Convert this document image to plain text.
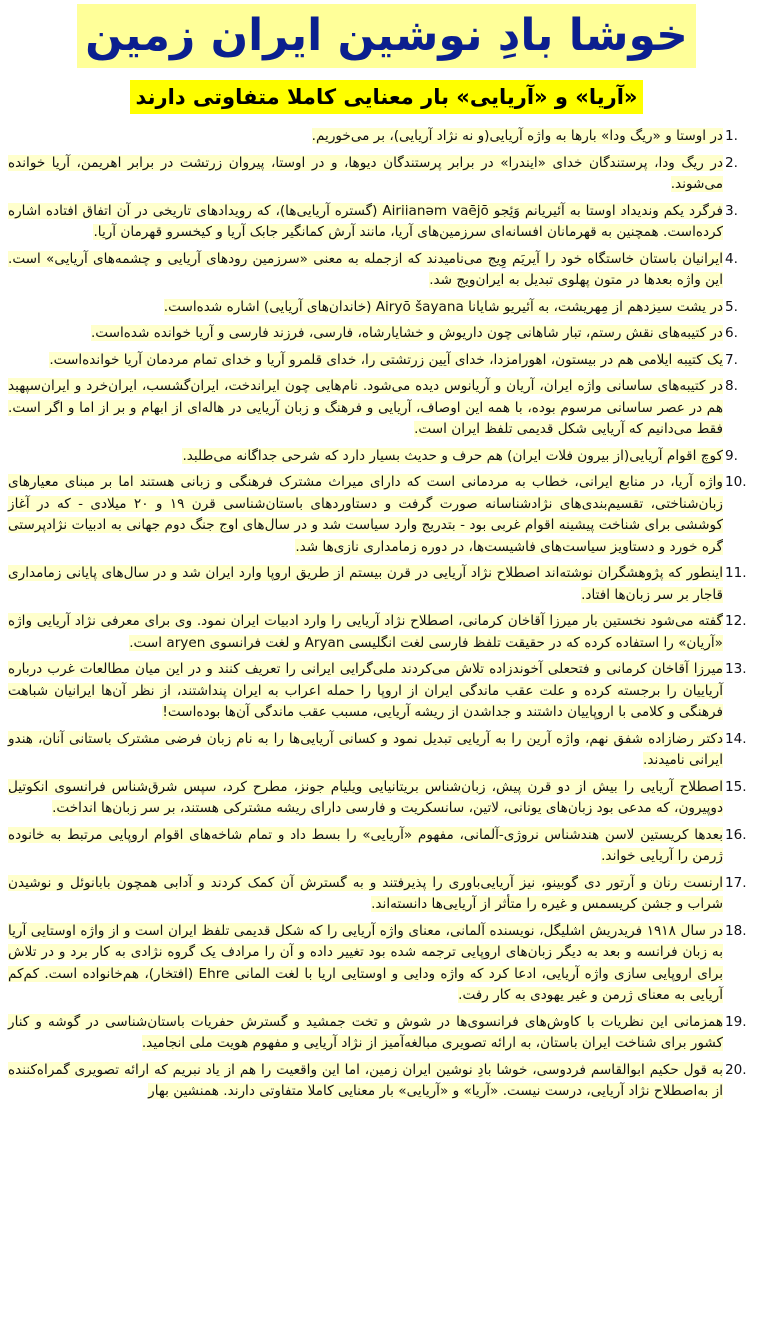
خوشا بادِ نوشین ایران زمین
«آریا» و «آریایی» بار معنایی کاملا متفاوتی دارند
1.
در اوستا و «ریگ ودا» بارها به واژه آریایی(و نه نژاد آریایی)، بر می‌خوریم.
2.
در ریگ ودا، پرستندگان خدای «ایندرا» در برابر پرستندگان دیوها، و در اوستا، پیروان زرتشت در برابر اهریمن، آریا خوانده می‌شوند.
3.
فرگرد یکم وندیداد اوستا به آئیریانم وَئِجو Airiianəm vaējō (گستره آریایی‌ها)، که رویدادهای تاریخی در آن اتفاق افتاده اشاره کرده‌است. همچنین به قهرمانان افسانه‌ای سرزمین‌های آریا، مانند آرش کمانگیر جابک آریا و کیخسرو قهرمان آریا.
4.
ایرانیان باستان خاستگاه خود را آیریَم وِیج می‌نامیدند که ازجمله به معنی «سرزمین رودهای آریایی و چشمه‌های آریایی» است. این واژه بعدها در متون پهلوی تبدیل به ایران‌ویج شد.
5.
در یشت سیزدهم از مِهریشت، به آئیریو شایانا Airyō šayana (خاندان‌های آریایی) اشاره شده‌است.
6.
در کتیبه‌های نقش رستم، تبار شاهانی چون داریوش و خشایارشاه، فارسی، فرزند فارسی و آریا خوانده شده‌است.
7.
یک کتیبه ایلامی هم در بیستون، اهورامزدا، خدای آیین زرتشتی را، خدای قلمرو آریا و خدای تمام مردمان آریا خوانده‌است.
8.
در کتیبه‌های ساسانی واژه ایران، آریان و آریانوس دیده می‌شود. نام‌هایی چون ایراندخت، ایران‌گشسب، ایران‌خرد و ایران‌سپهبد هم در عصر ساسانی مرسوم بوده، با همه این اوصاف، آریایی و فرهنگ و زبان آریایی در هاله‌ای از ابهام و بر از اما و اگر است. فقط می‌دانیم که آریایی شکل قدیمی تلفظ ایران است.
9.
کوچ اقوام آریایی(از بیرون فلات ایران) هم حرف و حدیث بسیار دارد که شرحی جداگانه می‌طلبد.
10.
واژه آریا، در منابع ایرانی، خطاب به مردمانی است که دارای میراث مشترک فرهنگی و زبانی هستند اما بر مبنای معیارهای زبان‌شناختی، تقسیم‌بندی‌های نژادشناسانه صورت گرفت و دستاوردهای باستان‌شناسی قرن ۱۹ و ۲۰ میلادی - که در آغاز کوششی برای شناخت پیشینه اقوام غربی بود - بتدریج وارد سیاست شد و در سال‌های اوج جنگ دوم جهانی به ادبیات نژادپرستی گره خورد و دستاویز سیاست‌های فاشیست‌ها، در دوره زمامداری نازی‌ها شد.
11.
اینطور که پژوهشگران نوشته‌اند اصطلاح نژاد آریایی در قرن بیستم از طریق اروپا وارد ایران شد و در سال‌های پایانی زمامداری قاجار بر سر زبان‌ها افتاد.
12.
گفته می‌شود نخستین بار میرزا آقاخان کرمانی، اصطلاح نژاد آریایی را وارد ادبیات ایران نمود. وی برای معرفی نژاد آریایی واژه «آریان» را استفاده کرده که در حقیقت تلفظ فارسی لغت انگلیسی Aryan و لغت فرانسوی aryen است.
13.
میرزا آقاخان کرمانی و فتحعلی آخوندزاده تلاش می‌کردند ملی‌گرایی ایرانی را تعریف کنند و در این میان مطالعات غرب درباره آریاییان را برجسته کرده و علت عقب ماندگی ایران از اروپا را حمله اعراب به ایران پنداشتند، از نظر آن‌ها ایرانیان شباهت فرهنگی و کلامی با اروپاییان داشتند و جداشدن از ریشه آریایی، مسبب عقب ماندگی آن‌ها بوده‌است!
14.
دکتر رضازاده شفق نهم، واژه آرین را به آریایی تبدیل نمود و کسانی آریایی‌ها را به نام زبان فرضی مشترک باستانی آنان، هندو ایرانی نامیدند.
15.
اصطلاح آریایی را بیش از دو قرن پیش، زبان‌شناس بریتانیایی ویلیام جونز، مطرح کرد، سپس شرق‌شناس فرانسوی انکوتیل دوپیرون، که مدعی بود زبان‌های یونانی، لاتین، سانسکریت و فارسی دارای ریشه مشترکی هستند، بر سر زبان‌ها انداخت.
16.
بعدها کریستین لاسن هندشناس نروژی-آلمانی، مفهوم «آریایی» را بسط داد و تمام شاخه‌های اقوام اروپایی مرتبط به خانوده ژرمن را آریایی خواند.
17.
ارنست رنان و آرتور دی گوبینو، نیز آریایی‌باوری را پذیرفتند و به گسترش آن کمک کردند و آدابی همچون بابانوئل و نوشیدن شراب و جشن کریسمس و غیره را متأثر از آریایی‌ها دانسته‌اند.
18.
در سال ۱۹۱۸ فریدریش اشلیگل، نویسنده آلمانی، معنای واژه آریایی را که شکل قدیمی تلفظ ایران است و از واژه اوستایی آریا به زبان فرانسه و بعد به دیگر زبان‌های اروپایی ترجمه شده بود تغییر داده و آن را مرادف یک گروه نژادی به کار برد و در تلاش برای اروپایی سازی واژه آریایی، ادعا کرد که واژه ودایی و اوستایی اریا با لغت المانی Ehre (افتخار)، هم‌خانواده است. کم‌کم آریایی به معنای ژرمن و غیر یهودی به کار رفت.
19.
همزمانی این نظریات با کاوش‌های فرانسوی‌ها در شوش و تخت جمشید و گسترش حفریات باستان‌شناسی در گوشه و کنار کشور برای شناخت ایران باستان، به ارائه تصویری مبالغه‌آمیز از نژاد آریایی و مفهوم هویت ملی انجامید.
20.
به قول حکیم ابوالقاسم فردوسی، خوشا بادِ نوشین ایران زمین، اما این واقعیت را هم از یاد نبریم که ارائه تصویری گمراه‌کننده از به‌اصطلاح نژاد آریایی، درست نیست. «آریا» و «آریایی» بار معنایی کاملا متفاوتی دارند. همنشین بهار
